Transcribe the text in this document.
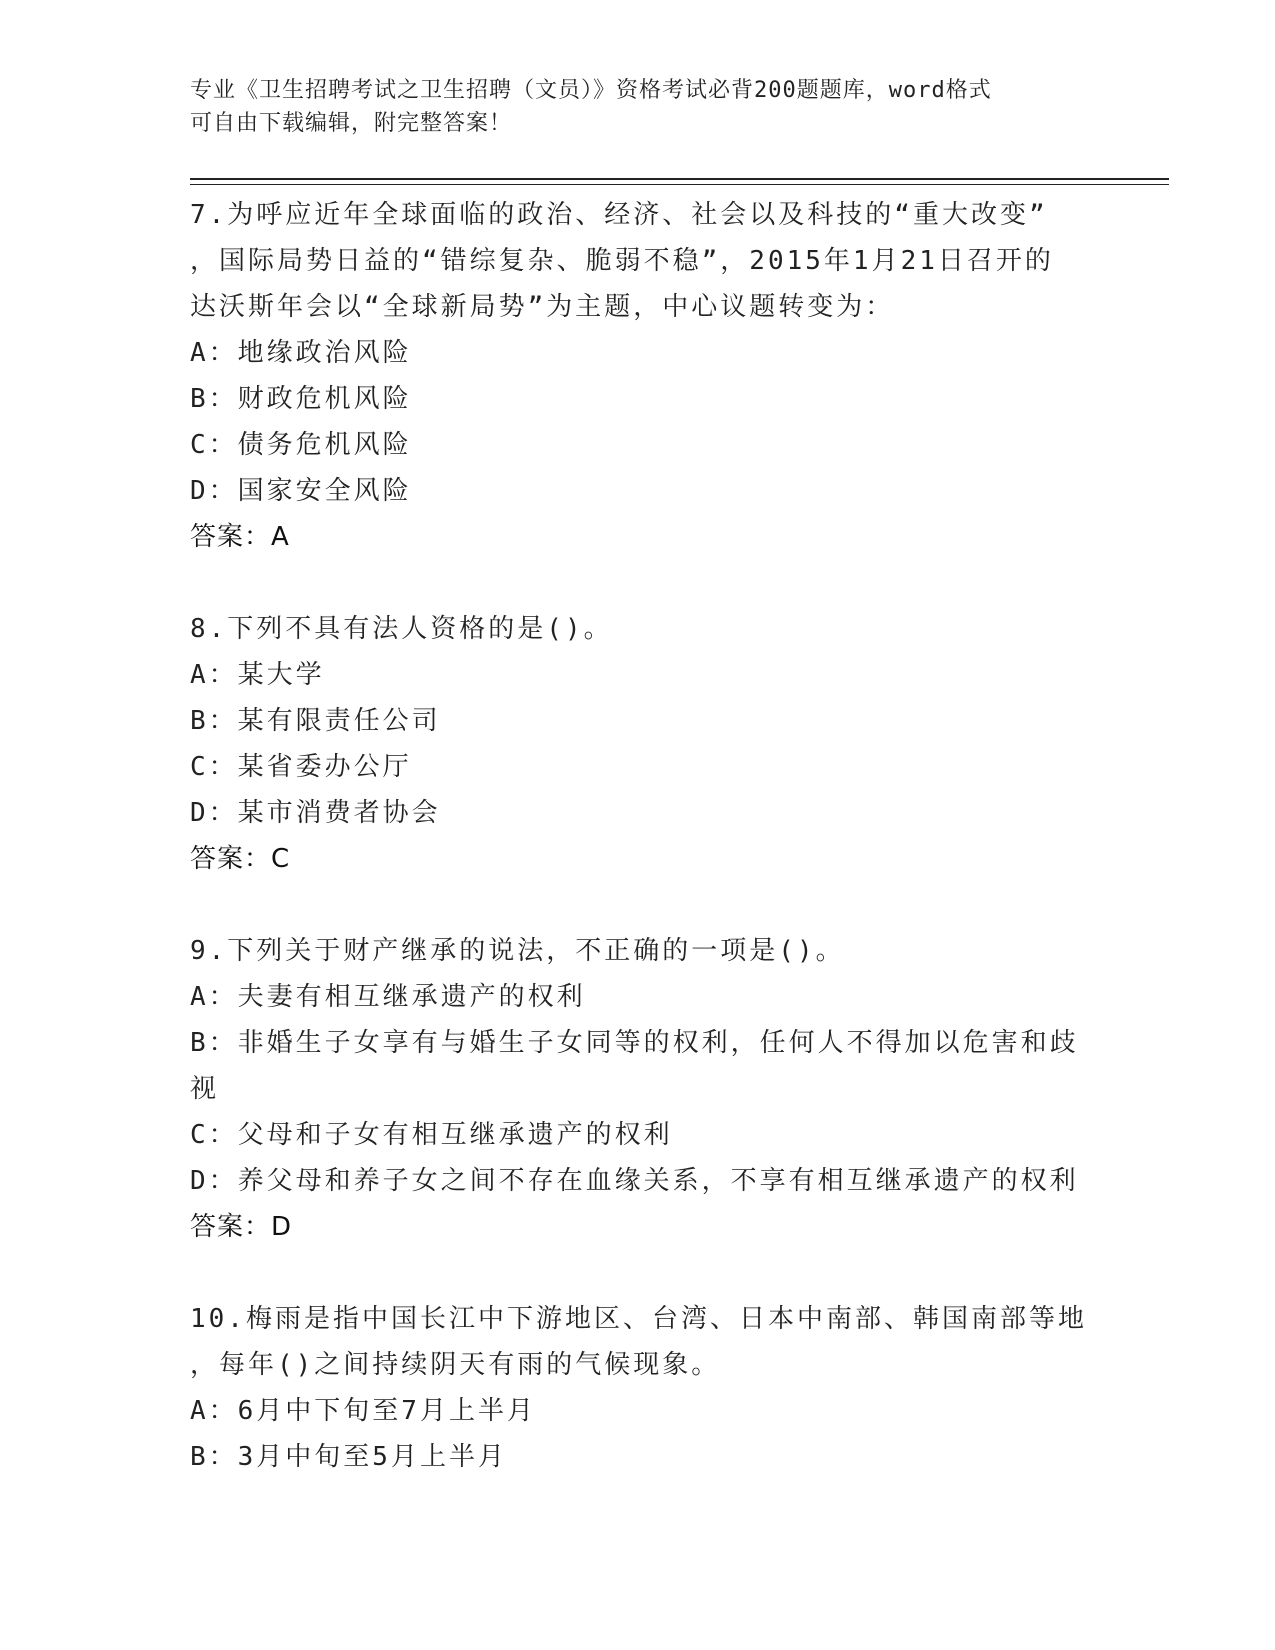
专业《卫生招聘考试之卫生招聘（文员）》资格考试必背200题题库，word格式
可自由下载编辑，附完整答案！
7.为呼应近年全球面临的政治、经济、社会以及科技的“重大改变”
，国际局势日益的“错综复杂、脆弱不稳”，2015年1月21日召开的
达沃斯年会以“全球新局势”为主题，中心议题转变为：
A：地缘政治风险
B：财政危机风险
C：债务危机风险
D：国家安全风险
答案：A
8.下列不具有法人资格的是()。
A：某大学
B：某有限责任公司
C：某省委办公厅
D：某市消费者协会
答案：C
9.下列关于财产继承的说法，不正确的一项是()。
A：夫妻有相互继承遗产的权利
B：非婚生子女享有与婚生子女同等的权利，任何人不得加以危害和歧
视
C：父母和子女有相互继承遗产的权利
D：养父母和养子女之间不存在血缘关系，不享有相互继承遗产的权利
答案：D
10.梅雨是指中国长江中下游地区、台湾、日本中南部、韩国南部等地
，每年()之间持续阴天有雨的气候现象。
A：6月中下旬至7月上半月
B：3月中旬至5月上半月
